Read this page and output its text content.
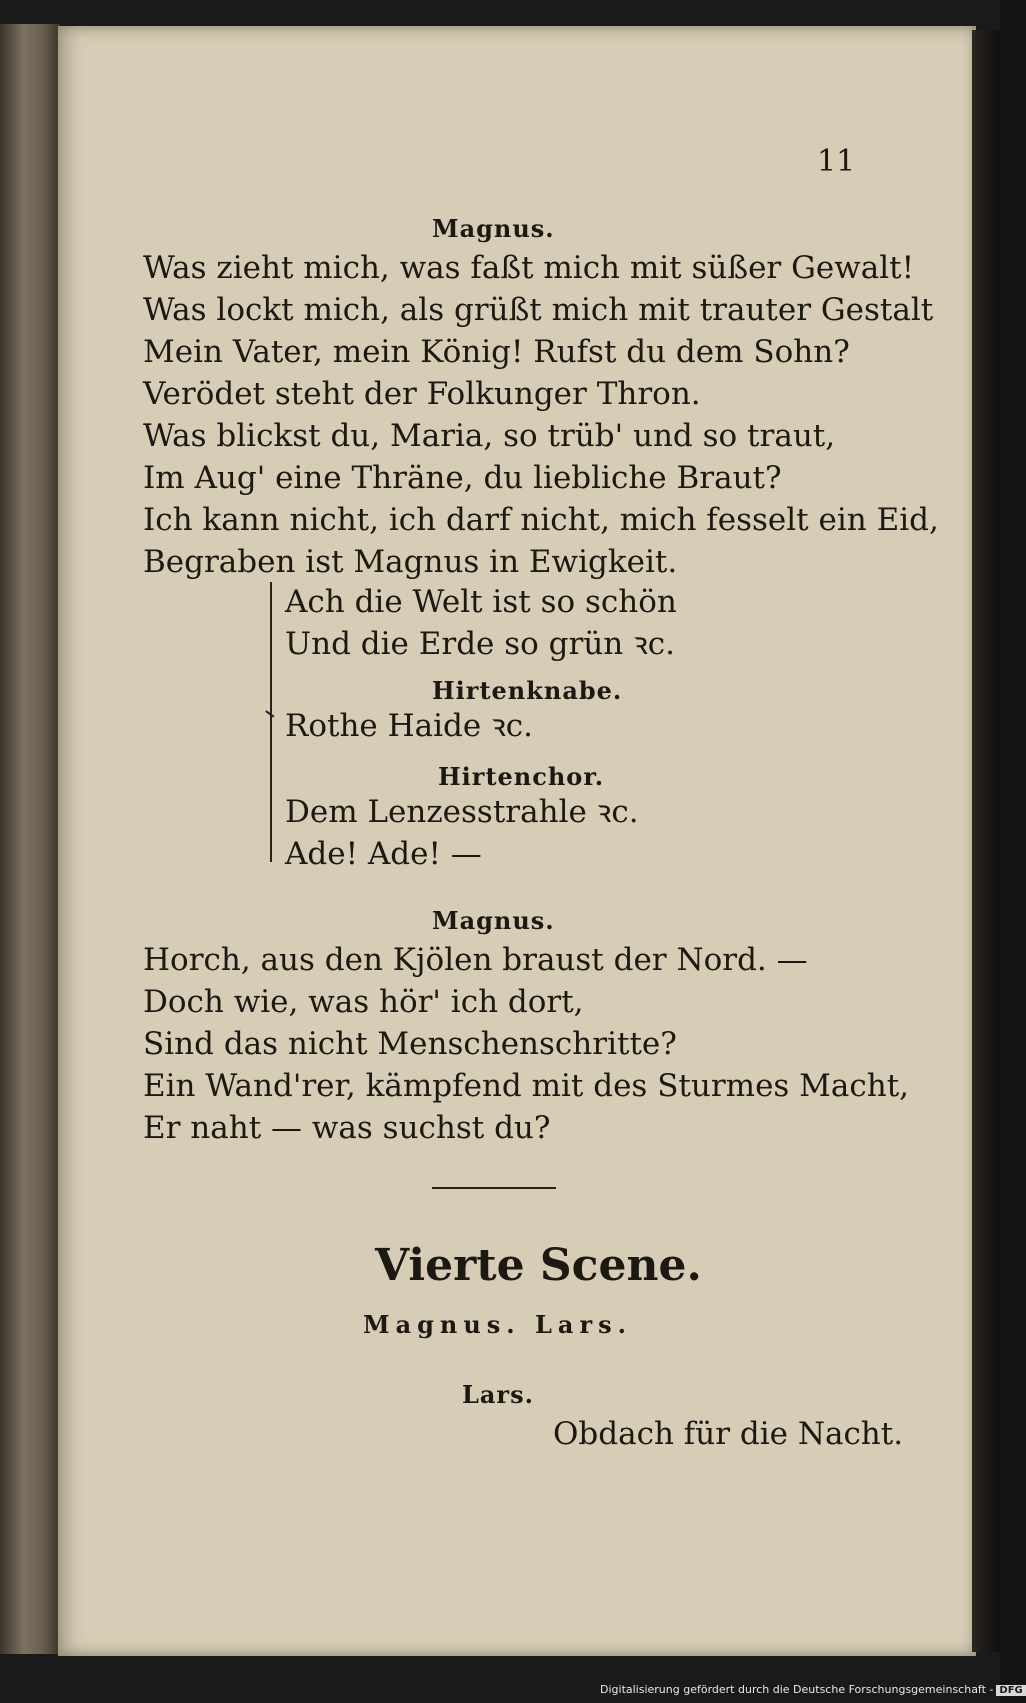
11
Magnus.
Was zieht mich, was faßt mich mit süßer Gewalt!
Was lockt mich, als grüßt mich mit trauter Gestalt
Mein Vater, mein König! Rufst du dem Sohn?
Verödet steht der Folkunger Thron.
Was blickst du, Maria, so trüb' und so traut,
Im Aug' eine Thräne, du liebliche Braut?
Ich kann nicht, ich darf nicht, mich fesselt ein Eid,
Begraben ist Magnus in Ewigkeit.
Ach die Welt ist so schön
Und die Erde so grün ꝛc.
Hirtenknabe.
Rothe Haide ꝛc.
Hirtenchor.
Dem Lenzesstrahle ꝛc.
Ade! Ade! —
Magnus.
Horch, aus den Kjölen braust der Nord. —
Doch wie, was hör' ich dort,
Sind das nicht Menschenschritte?
Ein Wand'rer, kämpfend mit des Sturmes Macht,
Er naht — was suchst du?
Vierte Scene.
Magnus. Lars.
Lars.
Obdach für die Nacht.
Digitalisierung gefördert durch die Deutsche Forschungsgemeinschaft - DFG
